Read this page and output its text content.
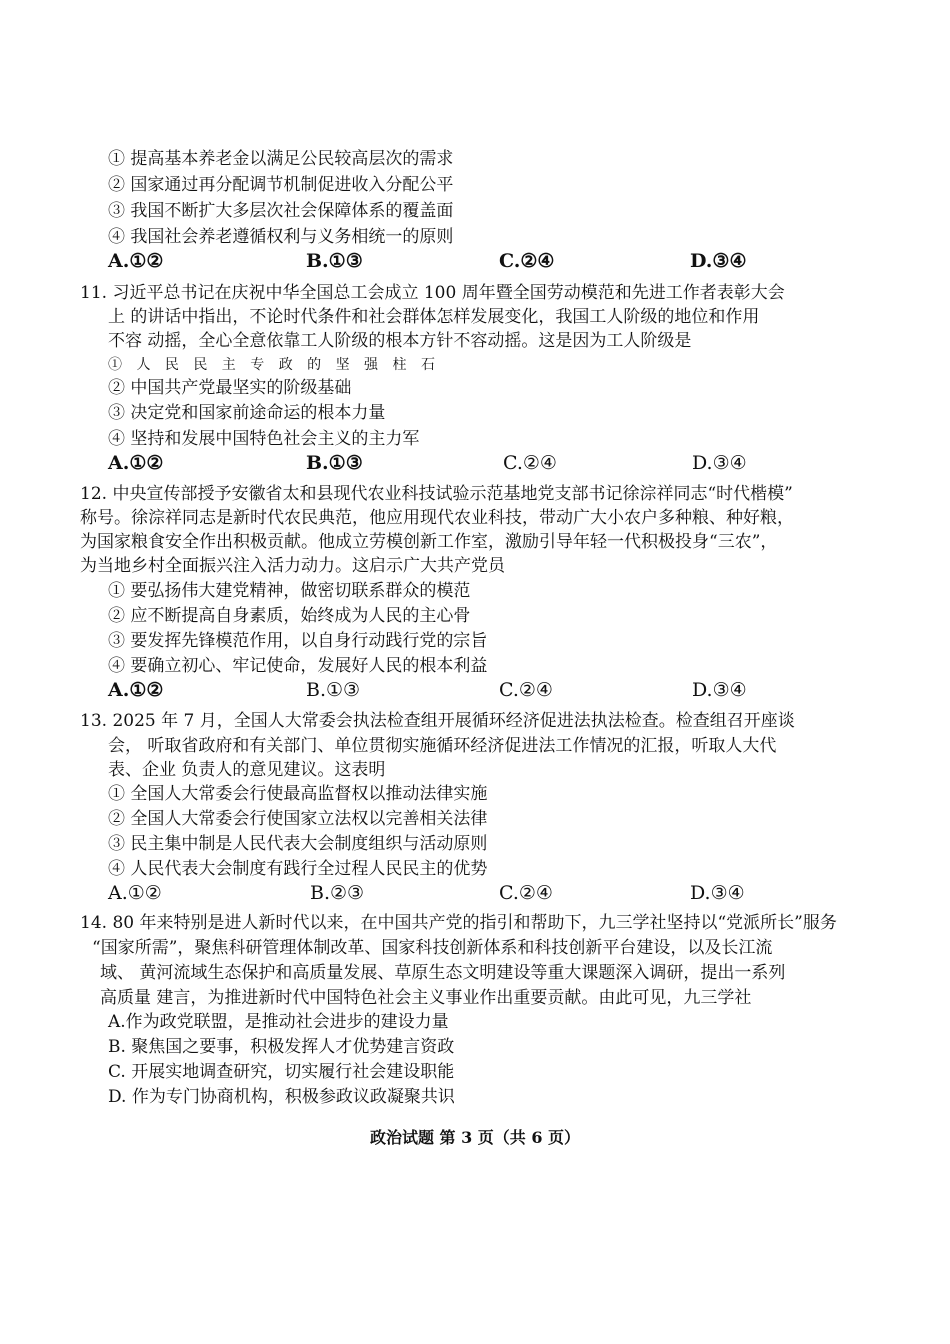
① 提高基本养老金以满足公民较高层次的需求
② 国家通过再分配调节机制促进收入分配公平
③ 我国不断扩大多层次社会保障体系的覆盖面
④ 我国社会养老遵循权利与义务相统一的原则
A.①②	B.①③	C.②④	D.③④
11. 习近平总书记在庆祝中华全国总工会成立 100 周年暨全国劳动模范和先进工作者表彰大会
上 的讲话中指出，不论时代条件和社会群体怎样发展变化，我国工人阶级的地位和作用
不容 动摇，全心全意依靠工人阶级的根本方针不容动摇。这是因为工人阶级是
① 人 民 民 主 专 政 的 坚 强 柱 石
② 中国共产党最坚实的阶级基础
③ 决定党和国家前途命运的根本力量
④ 坚持和发展中国特色社会主义的主力军
A.①②	B.①③	C.②④	D.③④
12. 中央宣传部授予安徽省太和县现代农业科技试验示范基地党支部书记徐淙祥同志“时代楷模”
称号。徐淙祥同志是新时代农民典范，他应用现代农业科技，带动广大小农户多种粮、种好粮，
为国家粮食安全作出积极贡献。他成立劳模创新工作室，激励引导年轻一代积极投身“三农”，
为当地乡村全面振兴注入活力动力。这启示广大共产党员
① 要弘扬伟大建党精神，做密切联系群众的模范
② 应不断提高自身素质，始终成为人民的主心骨
③ 要发挥先锋模范作用，以自身行动践行党的宗旨
④ 要确立初心、牢记使命，发展好人民的根本利益
A.①②	B.①③	C.②④	D.③④
13. 2025 年 7 月，全国人大常委会执法检查组开展循环经济促进法执法检查。检查组召开座谈
会， 听取省政府和有关部门、单位贯彻实施循环经济促进法工作情况的汇报，听取人大代
表、企业 负责人的意见建议。这表明
① 全国人大常委会行使最高监督权以推动法律实施
② 全国人大常委会行使国家立法权以完善相关法律
③ 民主集中制是人民代表大会制度组织与活动原则
④ 人民代表大会制度有践行全过程人民民主的优势
A.①②	B.②③	C.②④	D.③④
14. 80 年来特别是进人新时代以来，在中国共产党的指引和帮助下，九三学社坚持以“党派所长”服务
“国家所需”，聚焦科研管理体制改革、国家科技创新体系和科技创新平台建设，以及长江流
域、 黄河流域生态保护和高质量发展、草原生态文明建设等重大课题深入调研，提出一系列
高质量 建言，为推进新时代中国特色社会主义事业作出重要贡献。由此可见，九三学社
A.作为政党联盟，是推动社会进步的建设力量
B. 聚焦国之要事，积极发挥人才优势建言资政
C. 开展实地调查研究，切实履行社会建设职能
D. 作为专门协商机构，积极参政议政凝聚共识
政治试题 第 3 页（共 6 页）
